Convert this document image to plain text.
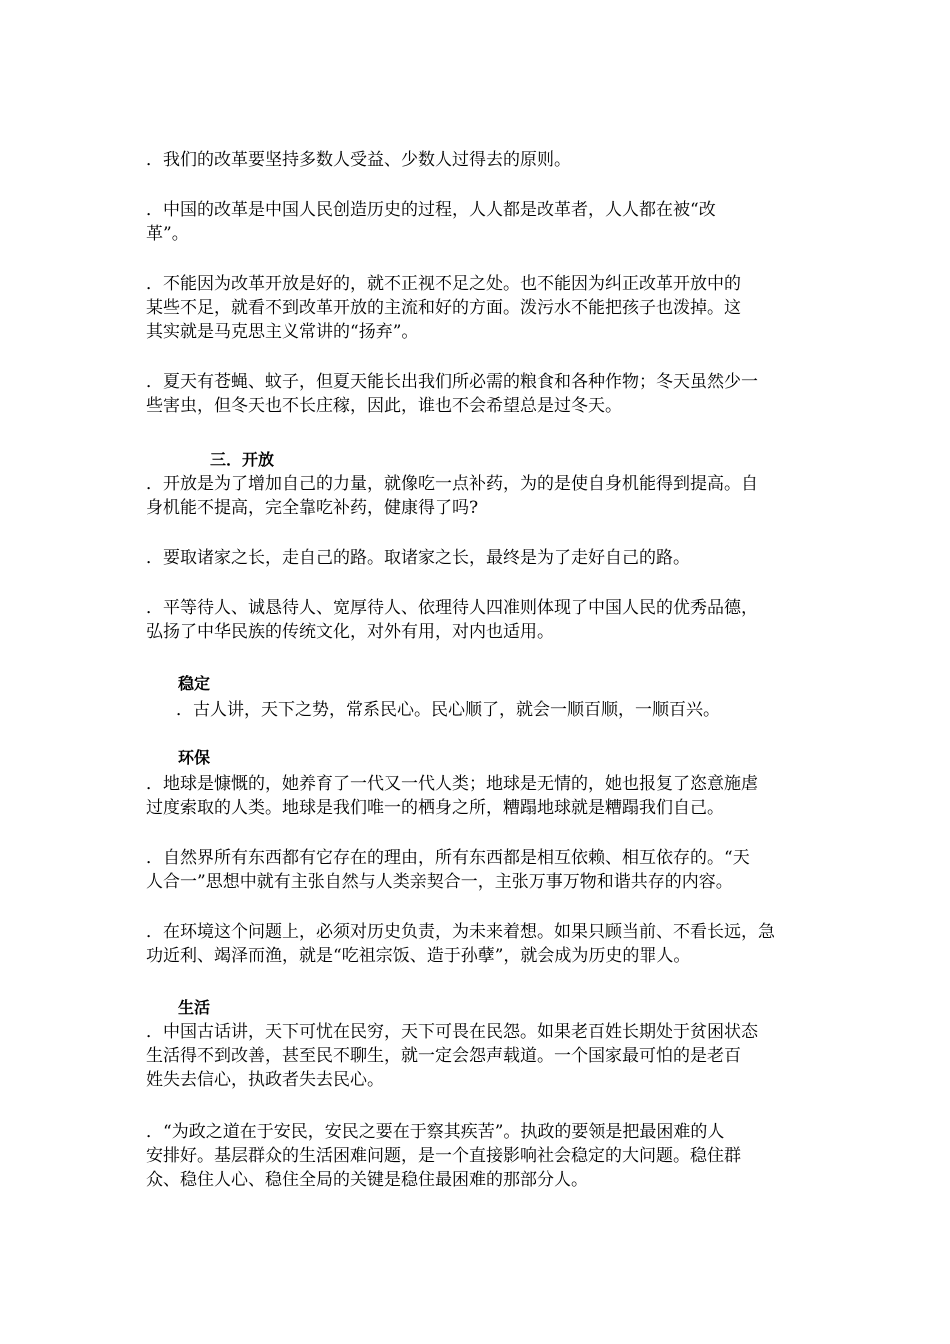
．我们的改革要坚持多数人受益、少数人过得去的原则。
．中国的改革是中国人民创造历史的过程，人人都是改革者，人人都在被“改
革”。
．不能因为改革开放是好的，就不正视不足之处。也不能因为纠正改革开放中的
某些不足，就看不到改革开放的主流和好的方面。泼污水不能把孩子也泼掉。这
其实就是马克思主义常讲的“扬弃”。
．夏天有苍蝇、蚊子，但夏天能长出我们所必需的粮食和各种作物；冬天虽然少一
些害虫，但冬天也不长庄稼，因此，谁也不会希望总是过冬天。
三．开放
．开放是为了增加自己的力量，就像吃一点补药，为的是使自身机能得到提高。自
身机能不提高，完全靠吃补药，健康得了吗?
．要取诸家之长，走自己的路。取诸家之长，最终是为了走好自己的路。
．平等待人、诚恳待人、宽厚待人、依理待人四准则体现了中国人民的优秀品德，
弘扬了中华民族的传统文化，对外有用，对内也适用。
稳定
．古人讲，天下之势，常系民心。民心顺了，就会一顺百顺，一顺百兴。
环保
．地球是慷慨的，她养育了一代又一代人类；地球是无情的，她也报复了恣意施虐
过度索取的人类。地球是我们唯一的栖身之所，糟蹋地球就是糟蹋我们自己。
．自然界所有东西都有它存在的理由，所有东西都是相互依赖、相互依存的。“天
人合一”思想中就有主张自然与人类亲契合一，主张万事万物和谐共存的内容。
．在环境这个问题上，必须对历史负责，为未来着想。如果只顾当前、不看长远，急
功近利、竭泽而渔，就是“吃祖宗饭、造于孙孽”，就会成为历史的罪人。
生活
．中国古话讲，天下可忧在民穷，天下可畏在民怨。如果老百姓长期处于贫困状态
生活得不到改善，甚至民不聊生，就一定会怨声载道。一个国家最可怕的是老百
姓失去信心，执政者失去民心。
．“为政之道在于安民，安民之要在于察其疾苦”。执政的要领是把最困难的人
安排好。基层群众的生活困难问题，是一个直接影响社会稳定的大问题。稳住群
众、稳住人心、稳住全局的关键是稳住最困难的那部分人。
